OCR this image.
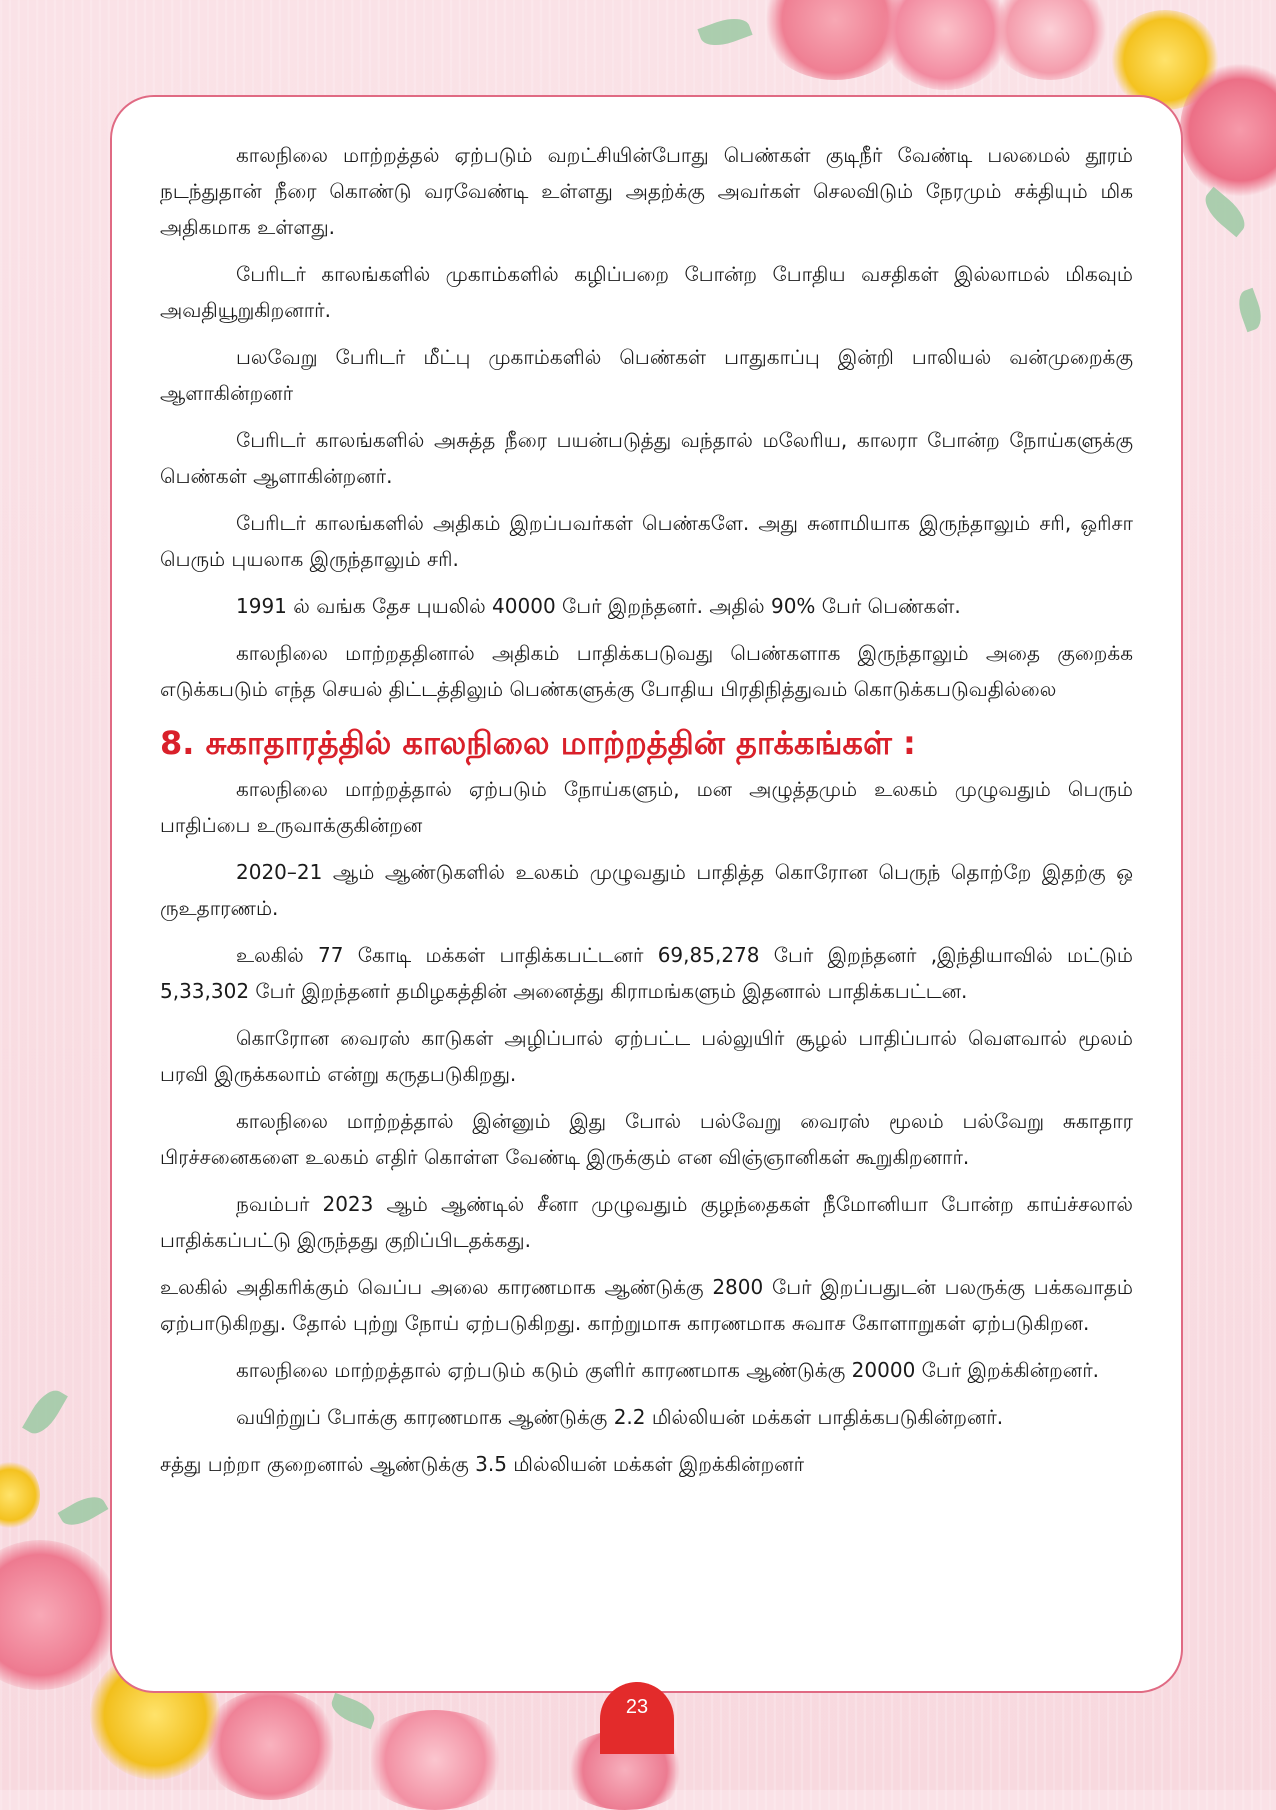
காலநிலை மாற்றத்தல் ஏற்படும் வறட்சியின்போது பெண்கள் குடிநீர் வேண்டி பலமைல் தூரம் நடந்துதான் நீரை கொண்டு வரவேண்டி உள்ளது அதற்க்கு அவர்கள் செலவிடும் நேரமும் சக்தியும் மிக அதிகமாக உள்ளது.

பேரிடர் காலங்களில் முகாம்களில் கழிப்பறை போன்ற போதிய வசதிகள் இல்லாமல் மிகவும் அவதியூறுகிறனார்.

பலவேறு பேரிடர் மீட்பு முகாம்களில் பெண்கள் பாதுகாப்பு இன்றி பாலியல் வன்முறைக்கு ஆளாகின்றனர்

பேரிடர் காலங்களில் அசுத்த நீரை பயன்படுத்து வந்தால் மலேரிய, காலரா போன்ற நோய்களுக்கு பெண்கள் ஆளாகின்றனர்.

பேரிடர் காலங்களில் அதிகம் இறப்பவர்கள் பெண்களே. அது சுனாமியாக இருந்தாலும் சரி, ஒரிசா பெரும் புயலாக இருந்தாலும் சரி.

1991 ல் வங்க தேச புயலில் 40000 பேர் இறந்தனர். அதில் 90% பேர் பெண்கள்.

காலநிலை மாற்றததினால் அதிகம் பாதிக்கபடுவது பெண்களாக இருந்தாலும் அதை குறைக்க எடுக்கபடும் எந்த செயல் திட்டத்திலும் பெண்களுக்கு போதிய பிரதிநித்துவம் கொடுக்கபடுவதில்லை

8. சுகாதாரத்தில் காலநிலை மாற்றத்தின் தாக்கங்கள் :

காலநிலை மாற்றத்தால் ஏற்படும் நோய்களும், மன அழுத்தமும் உலகம் முழுவதும் பெரும் பாதிப்பை உருவாக்குகின்றன

2020–21 ஆம் ஆண்டுகளில் உலகம் முழுவதும் பாதித்த கொரோன பெருந் தொற்றே இதற்கு ஒ ருஉதாரணம்.

உலகில் 77 கோடி மக்கள் பாதிக்கபட்டனர் 69,85,278 பேர் இறந்தனர் ,இந்தியாவில் மட்டும் 5,33,302 பேர் இறந்தனர் தமிழகத்தின் அனைத்து கிராமங்களும் இதனால் பாதிக்கபட்டன.

கொரோன வைரஸ் காடுகள் அழிப்பால் ஏற்பட்ட பல்லுயிர் சூழல் பாதிப்பால் வௌவால் மூலம் பரவி இருக்கலாம் என்று கருதபடுகிறது.

காலநிலை மாற்றத்தால் இன்னும் இது போல் பல்வேறு வைரஸ் மூலம் பல்வேறு சுகாதார பிரச்சனைகளை உலகம் எதிர் கொள்ள வேண்டி இருக்கும் என விஞ்ஞானிகள் கூறுகிறனார்.

நவம்பர் 2023 ஆம் ஆண்டில் சீனா முழுவதும் குழந்தைகள் நீமோனியா போன்ற காய்ச்சலால் பாதிக்கப்பட்டு இருந்தது குறிப்பிடதக்கது.

உலகில் அதிகரிக்கும் வெப்ப அலை காரணமாக ஆண்டுக்கு 2800 பேர் இறப்பதுடன் பலருக்கு பக்கவாதம் ஏற்பாடுகிறது. தோல் புற்று நோய் ஏற்படுகிறது. காற்றுமாசு காரணமாக சுவாச கோளாறுகள் ஏற்படுகிறன.

காலநிலை மாற்றத்தால் ஏற்படும் கடும் குளிர் காரணமாக ஆண்டுக்கு 20000 பேர் இறக்கின்றனர்.

வயிற்றுப் போக்கு காரணமாக ஆண்டுக்கு 2.2 மில்லியன் மக்கள் பாதிக்கபடுகின்றனர்.

சத்து பற்றா குறைனால் ஆண்டுக்கு 3.5 மில்லியன் மக்கள் இறக்கின்றனர்

23
